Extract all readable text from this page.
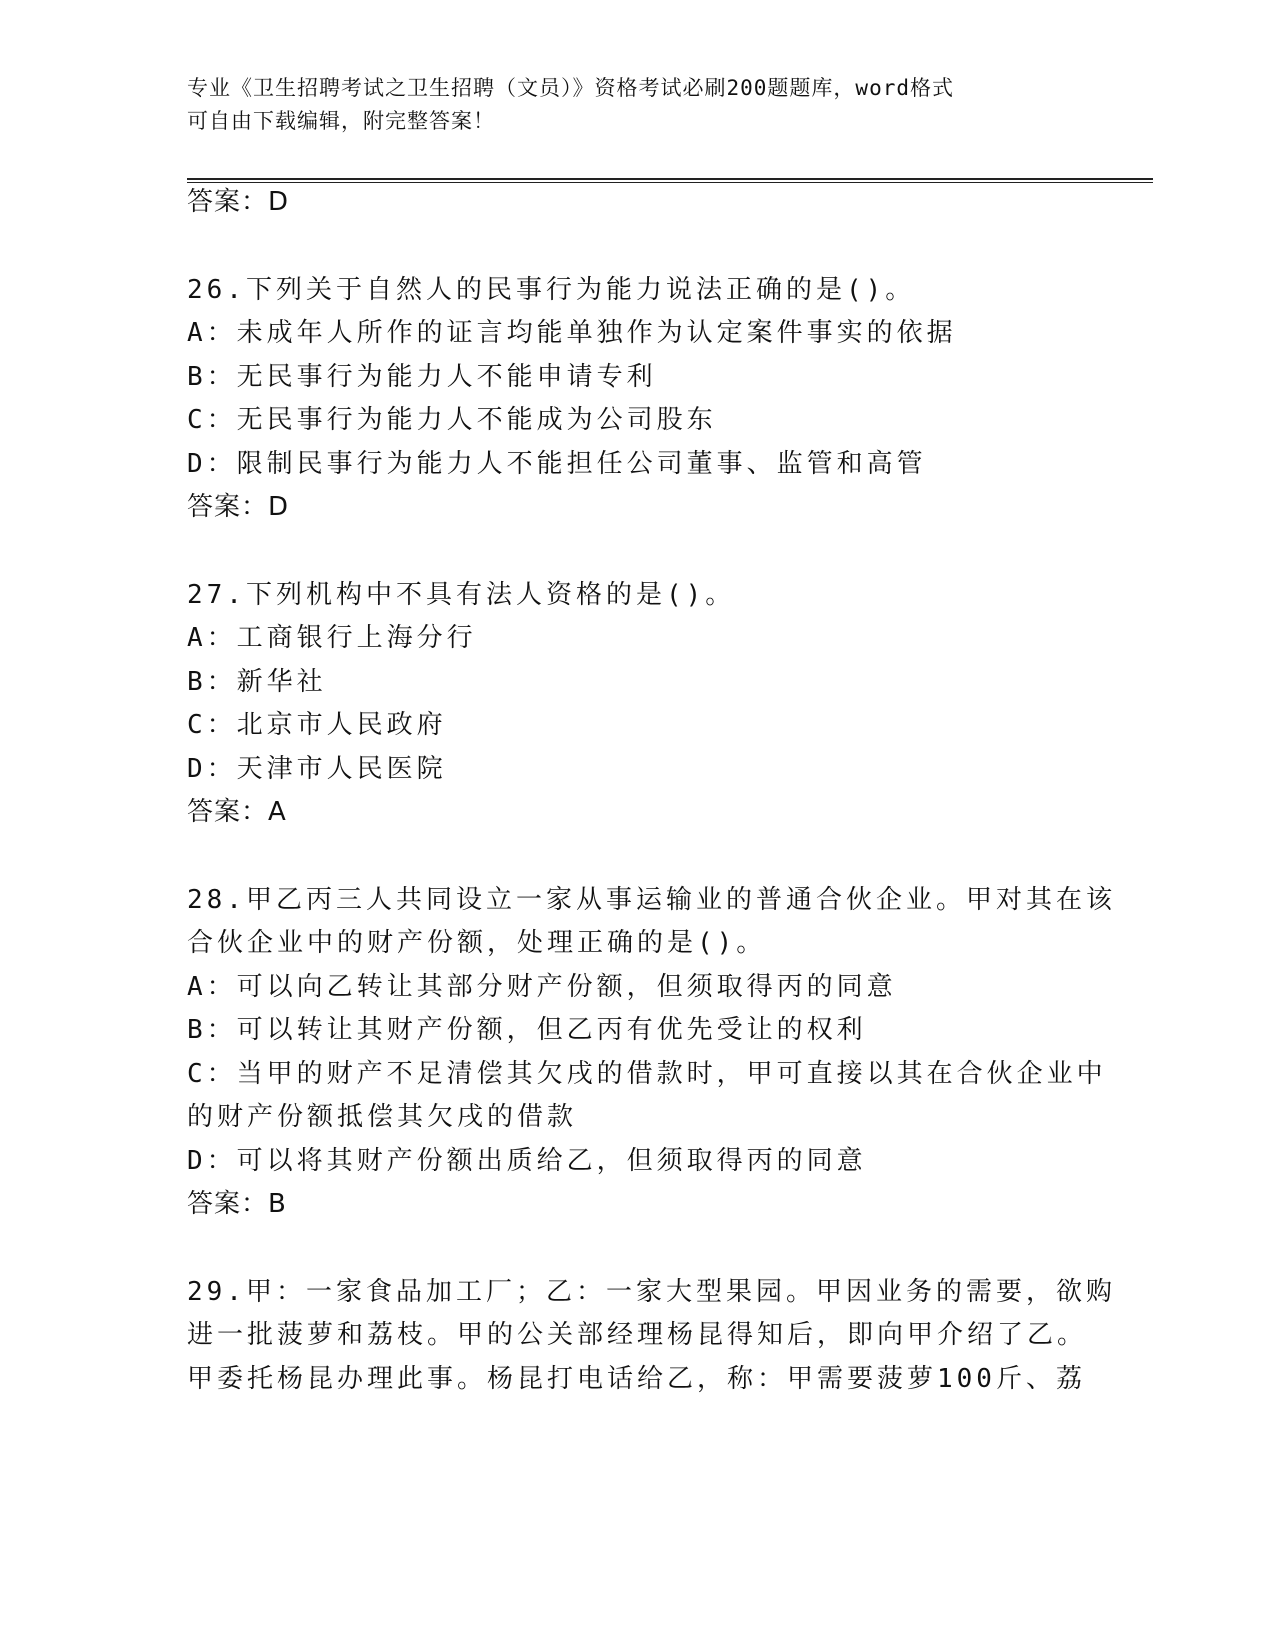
专业《卫生招聘考试之卫生招聘（文员）》资格考试必刷200题题库，word格式
可自由下载编辑，附完整答案！
答案：D
26.下列关于自然人的民事行为能力说法正确的是()。
A：未成年人所作的证言均能单独作为认定案件事实的依据
B：无民事行为能力人不能申请专利
C：无民事行为能力人不能成为公司股东
D：限制民事行为能力人不能担任公司董事、监管和高管
答案：D
27.下列机构中不具有法人资格的是()。
A：工商银行上海分行
B：新华社
C：北京市人民政府
D：天津市人民医院
答案：A
28.甲乙丙三人共同设立一家从事运输业的普通合伙企业。甲对其在该
合伙企业中的财产份额，处理正确的是()。
A：可以向乙转让其部分财产份额，但须取得丙的同意
B：可以转让其财产份额，但乙丙有优先受让的权利
C：当甲的财产不足清偿其欠戌的借款时，甲可直接以其在合伙企业中
的财产份额抵偿其欠戌的借款
D：可以将其财产份额出质给乙，但须取得丙的同意
答案：B
29.甲：一家食品加工厂；乙：一家大型果园。甲因业务的需要，欲购
进一批菠萝和荔枝。甲的公关部经理杨昆得知后，即向甲介绍了乙。
甲委托杨昆办理此事。杨昆打电话给乙，称：甲需要菠萝100斤、荔
